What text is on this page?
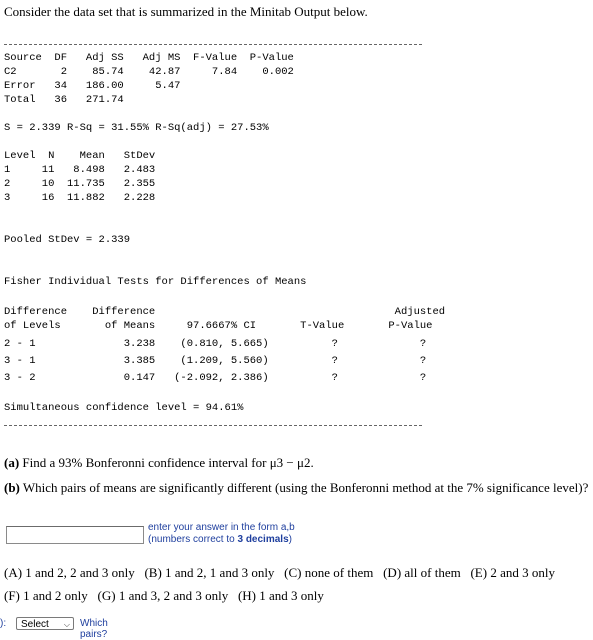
Consider the data set that is summarized in the Minitab Output below.
Source  DF   Adj SS   Adj MS  F-Value  P-Value
C2       2    85.74    42.87     7.84    0.002
Error   34   186.00     5.47
Total   36   271.74
S = 2.339 R-Sq = 31.55% R-Sq(adj) = 27.53%
Level  N    Mean   StDev
1     11   8.498   2.483
2     10  11.735   2.355
3     16  11.882   2.228
Pooled StDev = 2.339
Fisher Individual Tests for Differences of Means
Difference    Difference                                      Adjusted
of Levels       of Means     97.6667% CI       T-Value       P-Value
2 - 1              3.238    (0.810, 5.665)          ?             ?
3 - 1              3.385    (1.209, 5.560)          ?             ?
3 - 2              0.147   (-2.092, 2.386)          ?             ?
Simultaneous confidence level = 94.61%
(a) Find a 93% Bonferonni confidence interval for μ3 − μ2.
(b) Which pairs of means are significantly different (using the Bonferonni method at the 7% significance level)?
enter your answer in the form a,b
(numbers correct to 3 decimals)
(A) 1 and 2, 2 and 3 only   (B) 1 and 2, 1 and 3 only   (C) none of them   (D) all of them   (E) 2 and 3 only
(F) 1 and 2 only   (G) 1 and 3, 2 and 3 only   (H) 1 and 3 only
):	Select ⌵ Which pairs?
